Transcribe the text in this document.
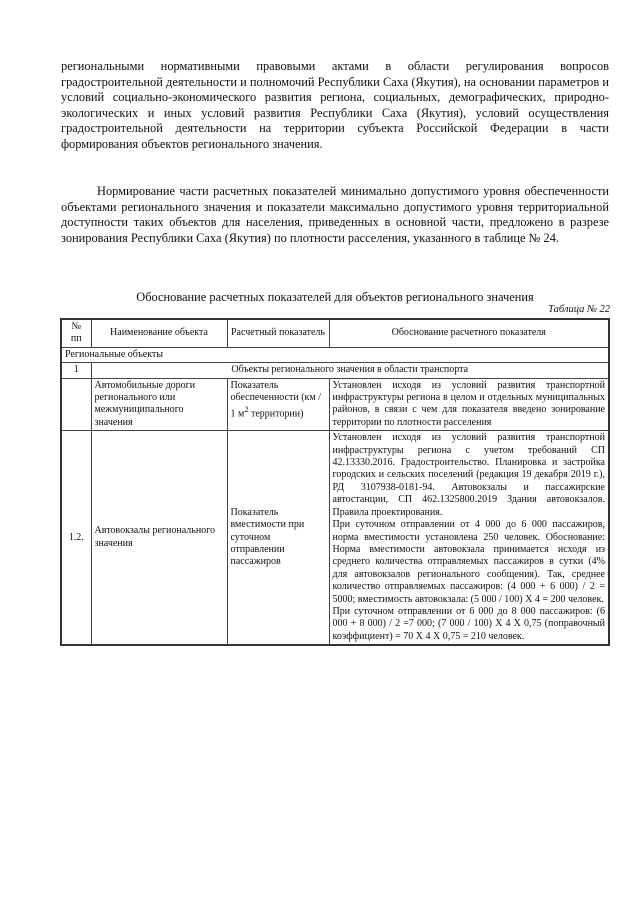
региональными нормативными правовыми актами в области регулирования вопросов градостроительной деятельности и полномочий Республики Саха (Якутия), на основании параметров и условий социально-экономического развития региона, социальных, демографических, природно-экологических и иных условий развития Республики Саха (Якутия), условий осуществления градостроительной деятельности на территории субъекта Российской Федерации в части формирования объектов регионального значения.

Нормирование части расчетных показателей минимально допустимого уровня обеспеченности объектами регионального значения и показатели максимально допустимого уровня территориальной доступности таких объектов для населения, приведенных в основной части, предложено в разрезе зонирования Республики Саха (Якутия) по плотности расселения, указанного в таблице № 24.

Обоснование расчетных показателей для объектов регионального значения

Таблица № 22

№ пп	Наименование объекта	Расчетный показатель	Обоснование расчетного показателя
Региональные объекты			
1	Объекты регионального значения в области транспорта		
	Автомобильные дороги регионального или межмуниципального значения	Показатель обеспеченности (км / 1 $м^2$ территории)	Установлен исходя из условий развития транспортной инфраструктуры региона в целом и отдельных муниципальных районов, в связи с чем для показателя введено зонирование территории по плотности расселения
1.2.	Автовокзалы регионального значения	Показатель вместимости при суточном отправлении пассажиров	Установлен исходя из условий развития транспортной инфраструктуры региона с учетом требований СП 42.13330.2016. Градостроительство. Планировка и застройка городских и сельских поселений (редакция 19 декабря 2019 г.), РД 3107938-0181-94. Автовокзалы и пассажирские автостанции, СП 462.1325800.2019 Здания автовокзалов. Правила проектирования.

При суточном отправлении от 4 000 до 6 000 пассажиров, норма вместимости установлена 250 человек. Обоснование: Норма вместимости автовокзала принимается исходя из среднего количества отправляемых пассажиров в сутки (4% для автовокзалов регионального сообщения). Так, среднее количество отправляемых пассажиров: (4 000 + 6 000) / 2 = 5000; вместимость автовокзала: (5 000 / 100) Х 4 = 200 человек.

При суточном отправлении от 6 000 до 8 000 пассажиров: (6 000 + 8 000) / 2 =7 000; (7 000 / 100) Х 4 Х 0,75 (поправочный коэффициент) = 70 Х 4 Х 0,75 = 210 человек.
